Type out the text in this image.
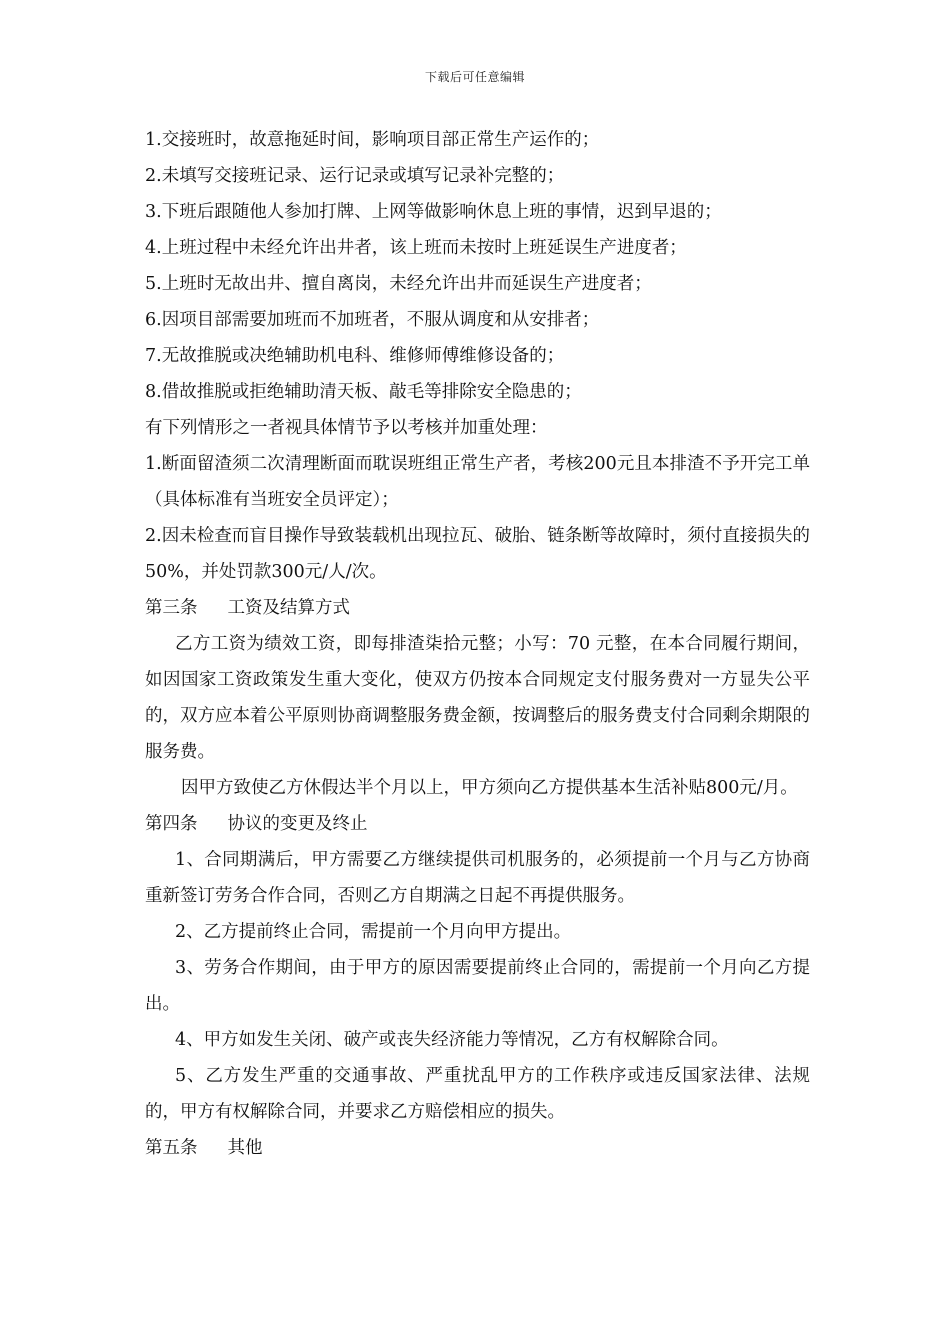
下载后可任意编辑

1.交接班时，故意拖延时间，影响项目部正常生产运作的；

2.未填写交接班记录、运行记录或填写记录补完整的；

3.下班后跟随他人参加打牌、上网等做影响休息上班的事情，迟到早退的；

4.上班过程中未经允许出井者，该上班而未按时上班延误生产进度者；

5.上班时无故出井、擅自离岗，未经允许出井而延误生产进度者；

6.因项目部需要加班而不加班者，不服从调度和从安排者；

7.无故推脱或决绝辅助机电科、维修师傅维修设备的；

8.借故推脱或拒绝辅助清天板、敲毛等排除安全隐患的；

有下列情形之一者视具体情节予以考核并加重处理：

1.断面留渣须二次清理断面而耽误班组正常生产者，考核200元且本排渣不予开完工单（具体标准有当班安全员评定）；

2.因未检查而盲目操作导致装载机出现拉瓦、破胎、链条断等故障时，须付直接损失的50%，并处罚款300元/人/次。

第三条 工资及结算方式

乙方工资为绩效工资，即每排渣柒拾元整；小写：70 元整，在本合同履行期间，如因国家工资政策发生重大变化，使双方仍按本合同规定支付服务费对一方显失公平的，双方应本着公平原则协商调整服务费金额，按调整后的服务费支付合同剩余期限的服务费。

因甲方致使乙方休假达半个月以上，甲方须向乙方提供基本生活补贴800元/月。

第四条 协议的变更及终止

1、合同期满后，甲方需要乙方继续提供司机服务的，必须提前一个月与乙方协商重新签订劳务合作合同，否则乙方自期满之日起不再提供服务。

2、乙方提前终止合同，需提前一个月向甲方提出。

3、劳务合作期间，由于甲方的原因需要提前终止合同的，需提前一个月向乙方提出。

4、甲方如发生关闭、破产或丧失经济能力等情况，乙方有权解除合同。

5、乙方发生严重的交通事故、严重扰乱甲方的工作秩序或违反国家法律、法规的，甲方有权解除合同，并要求乙方赔偿相应的损失。

第五条 其他
